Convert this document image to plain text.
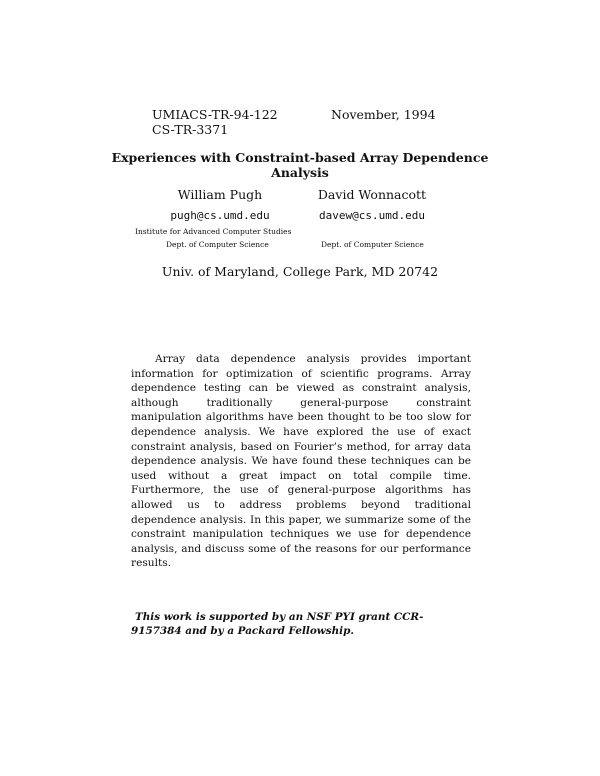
UMIACS-TR-94-122
CS-TR-3371
November, 1994
Experiences with Constraint-based Array Dependence Analysis
William Pugh	David Wonnacott
pugh@cs.umd.edu	davew@cs.umd.edu
Institute for Advanced Computer Studies
Dept. of Computer Science	Dept. of Computer Science
Univ. of Maryland, College Park, MD 20742

Array data dependence analysis provides important information for optimization of scientific programs. Array dependence testing can be viewed as constraint analysis, although traditionally general-purpose constraint manipulation algorithms have been thought to be too slow for dependence analysis. We have explored the use of exact constraint analysis, based on Fourier’s method, for array data dependence analysis. We have found these techniques can be used without a great impact on total compile time. Furthermore, the use of general-purpose algorithms has allowed us to address problems beyond traditional dependence analysis. In this paper, we summarize some of the constraint manipulation techniques we use for dependence analysis, and discuss some of the reasons for our performance results.

This work is supported by an NSF PYI grant CCR-9157384 and by a Packard Fellowship.
